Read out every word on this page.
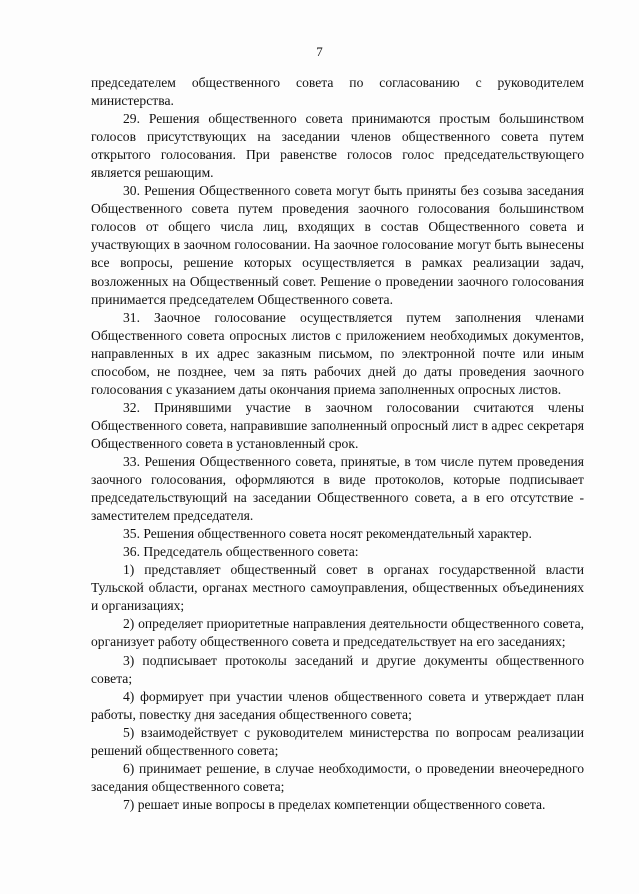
7

председателем общественного совета по согласованию с руководителем министерства.

29. Решения общественного совета принимаются простым большинством голосов присутствующих на заседании членов общественного совета путем открытого голосования. При равенстве голосов голос председательствующего является решающим.

30. Решения Общественного совета могут быть приняты без созыва заседания Общественного совета путем проведения заочного голосования большинством голосов от общего числа лиц, входящих в состав Общественного совета и участвующих в заочном голосовании. На заочное голосование могут быть вынесены все вопросы, решение которых осуществляется в рамках реализации задач, возложенных на Общественный совет. Решение о проведении заочного голосования принимается председателем Общественного совета.

31. Заочное голосование осуществляется путем заполнения членами Общественного совета опросных листов с приложением необходимых документов, направленных в их адрес заказным письмом, по электронной почте или иным способом, не позднее, чем за пять рабочих дней до даты проведения заочного голосования с указанием даты окончания приема заполненных опросных листов.

32. Принявшими участие в заочном голосовании считаются члены Общественного совета, направившие заполненный опросный лист в адрес секретаря Общественного совета в установленный срок.

33. Решения Общественного совета, принятые, в том числе путем проведения заочного голосования, оформляются в виде протоколов, которые подписывает председательствующий на заседании Общественного совета, а в его отсутствие - заместителем председателя.

35. Решения общественного совета носят рекомендательный характер.

36. Председатель общественного совета:

1) представляет общественный совет в органах государственной власти Тульской области, органах местного самоуправления, общественных объединениях и организациях;

2) определяет приоритетные направления деятельности общественного совета, организует работу общественного совета и председательствует на его заседаниях;

3) подписывает протоколы заседаний и другие документы общественного совета;

4) формирует при участии членов общественного совета и утверждает план работы, повестку дня заседания общественного совета;

5) взаимодействует с руководителем министерства по вопросам реализации решений общественного совета;

6) принимает решение, в случае необходимости, о проведении внеочередного заседания общественного совета;

7) решает иные вопросы в пределах компетенции общественного совета.
